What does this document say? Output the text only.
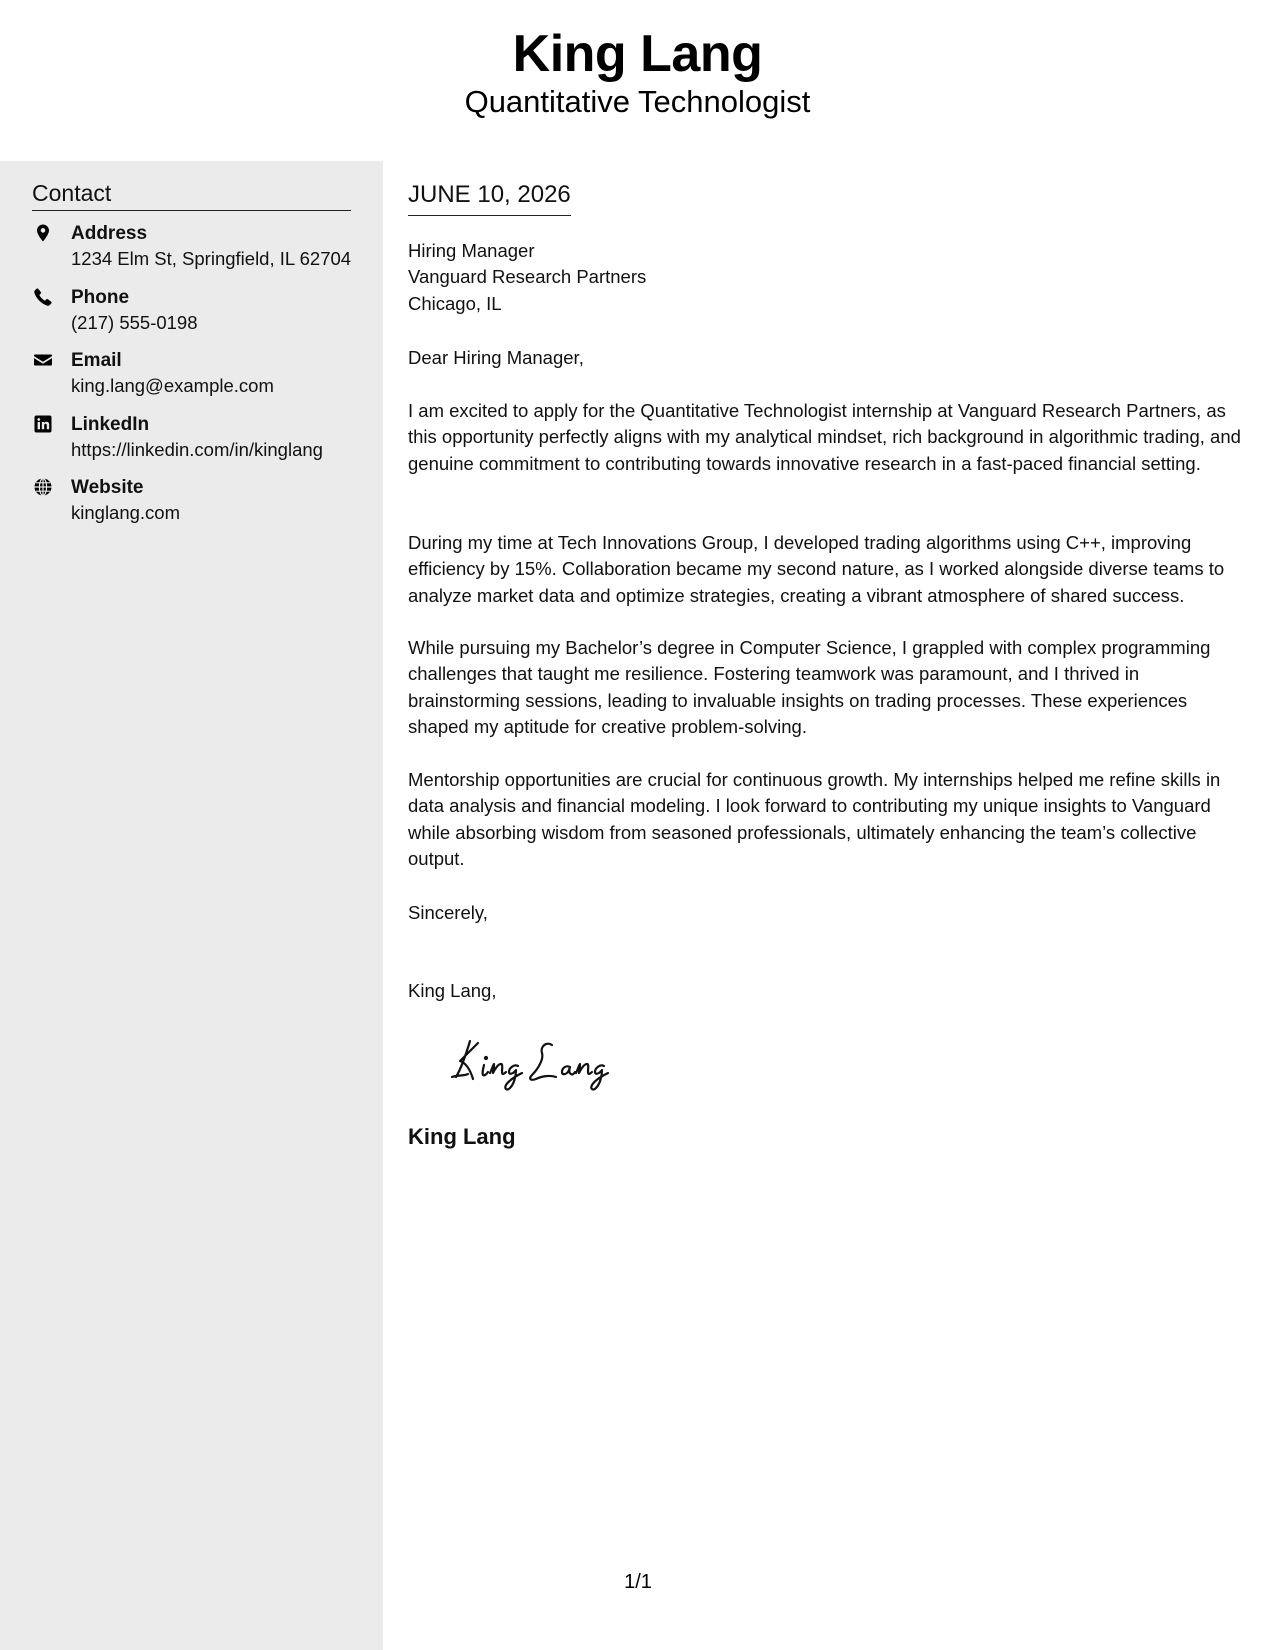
King Lang
Quantitative Technologist
Contact
Address
1234 Elm St, Springfield, IL 62704
Phone
(217) 555-0198
Email
king.lang@example.com
LinkedIn
https://linkedin.com/in/kinglang
Website
kinglang.com
JUNE 10, 2026
Hiring Manager
Vanguard Research Partners
Chicago, IL
Dear Hiring Manager,

I am excited to apply for the Quantitative Technologist internship at Vanguard Research Partners, as this opportunity perfectly aligns with my analytical mindset, rich background in algorithmic trading, and genuine commitment to contributing towards innovative research in a fast-paced financial setting.

During my time at Tech Innovations Group, I developed trading algorithms using C++, improving efficiency by 15%. Collaboration became my second nature, as I worked alongside diverse teams to analyze market data and optimize strategies, creating a vibrant atmosphere of shared success.

While pursuing my Bachelor’s degree in Computer Science, I grappled with complex programming challenges that taught me resilience. Fostering teamwork was paramount, and I thrived in brainstorming sessions, leading to invaluable insights on trading processes. These experiences shaped my aptitude for creative problem-solving.

Mentorship opportunities are crucial for continuous growth. My internships helped me refine skills in data analysis and financial modeling. I look forward to contributing my unique insights to Vanguard while absorbing wisdom from seasoned professionals, ultimately enhancing the team’s collective output.

Sincerely,
King Lang,
King Lang
1/1
